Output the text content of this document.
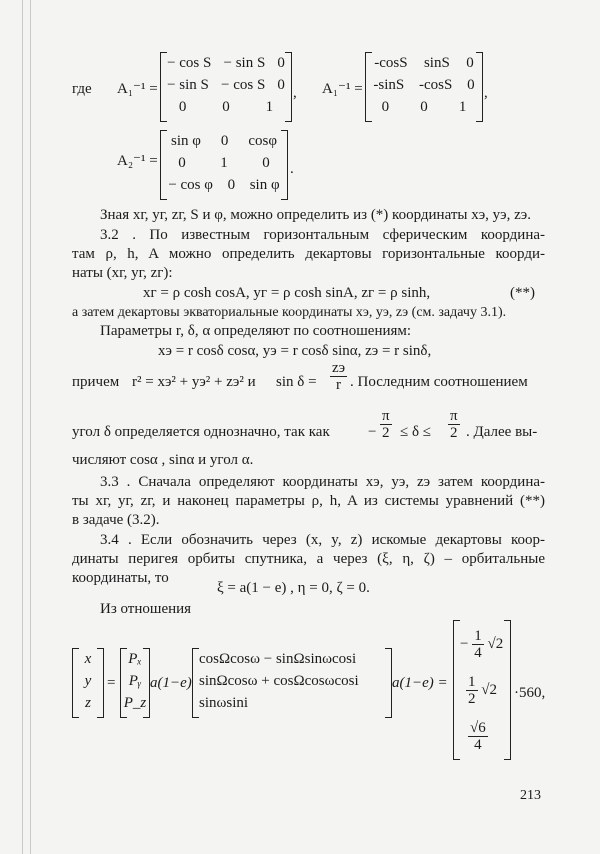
где A₁⁻¹ =
− cos S − sin S 0
− sin S − cos S 0
0 0 1
, A₁⁻¹ =
-cosS sinS 0
-sinS -cosS 0
0 0 1
,
A₂⁻¹ =
sin φ 0 cosφ
0 1 0
− cos φ 0 sin φ
.
Зная xг, yг, zг, S и φ, можно определить из (*) координаты xэ, yэ, zэ.
3.2 . По известным горизонтальным сферическим координа-
там ρ, h, A можно определить декартовы горизонтальные коорди-
наты (xг, yг, zг):
xг = ρ cosh cosA, yг = ρ cosh sinA, zг = ρ sinh,	(**)
а затем декартовы экваториальные координаты xэ, yэ, zэ (см. задачу 3.1).
Параметры r, δ, α определяют по соотношениям:
xэ = r cosδ cosα, yэ = r cosδ sinα, zэ = r sinδ,
причем r² = xэ² + yэ² + zэ² и sin δ =
zэ
r . Последним соотношением
угол δ определяется однозначно, так как	− $\frac{\pi}{2} \le \delta \le \frac{\pi}{2}$ . Далее вы-
числяют cosα , sinα и угол α.
3.3 . Сначала определяют координаты xэ, yэ, zэ затем координа-
ты xг, yг, zг, и наконец параметры ρ, h, A из системы уравнений (**)
в задаче (3.2).
3.4 . Если обозначить через (x, y, z) искомые декартовы коор-
динаты перигея орбиты спутника, а через (ξ, η, ζ) – орбитальные
координаты, то
ξ = a(1 − e) , η = 0, ζ = 0.
Из отношения
x
y
z
=
Pₓ
Pᵧ
P_z
a(1−e)
cosΩcosω − sinΩsinωcosi
sinΩcosω + cosΩcosωcosi
sinωsini
a(1−e) =
− $\frac{1}{4} √2$
$\frac{1}{2} √2$
$\frac{√6}{4}$
·560,
213
